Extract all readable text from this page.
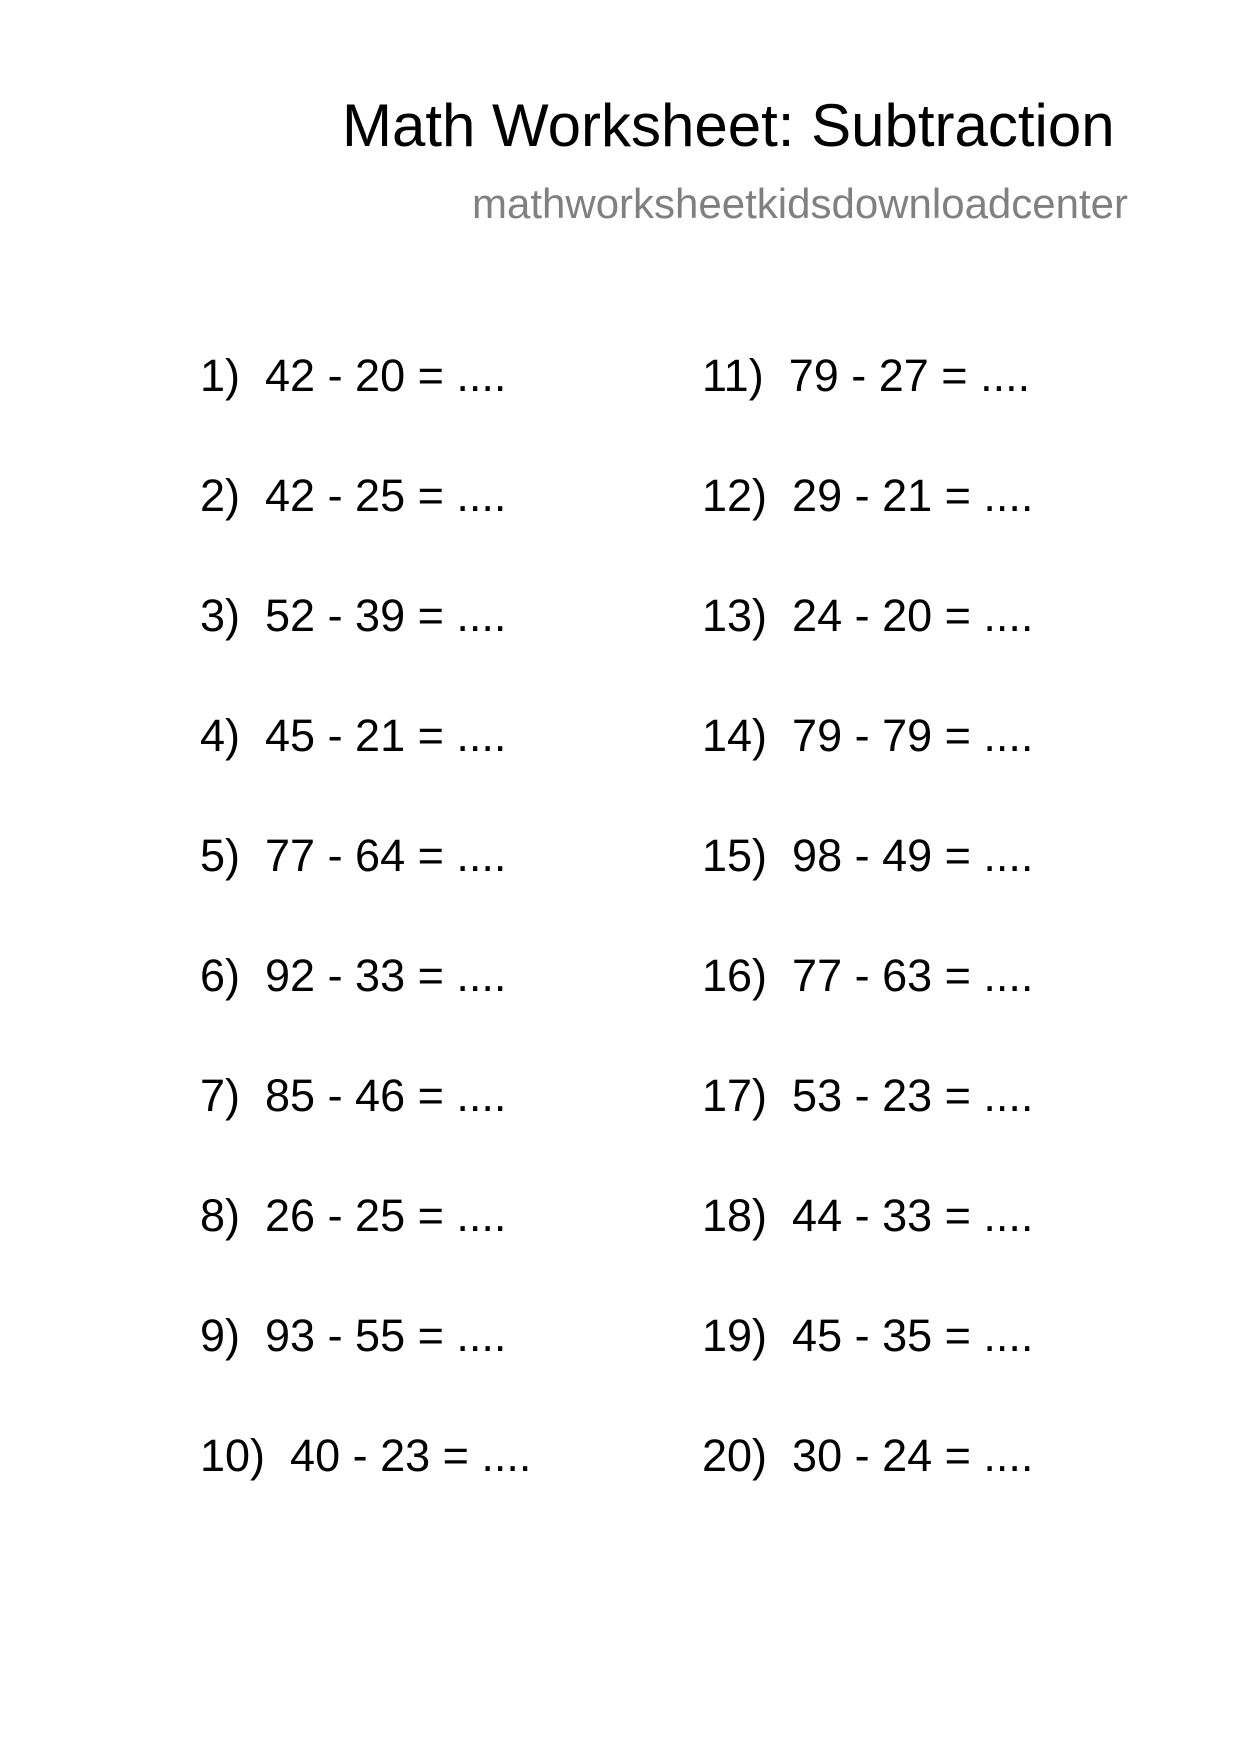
Math Worksheet: Subtraction
mathworksheetkidsdownloadcenter
1)  42 - 20 = ....
2)  42 - 25 = ....
3)  52 - 39 = ....
4)  45 - 21 = ....
5)  77 - 64 = ....
6)  92 - 33 = ....
7)  85 - 46 = ....
8)  26 - 25 = ....
9)  93 - 55 = ....
10)  40 - 23 = ....
11)  79 - 27 = ....
12)  29 - 21 = ....
13)  24 - 20 = ....
14)  79 - 79 = ....
15)  98 - 49 = ....
16)  77 - 63 = ....
17)  53 - 23 = ....
18)  44 - 33 = ....
19)  45 - 35 = ....
20)  30 - 24 = ....
